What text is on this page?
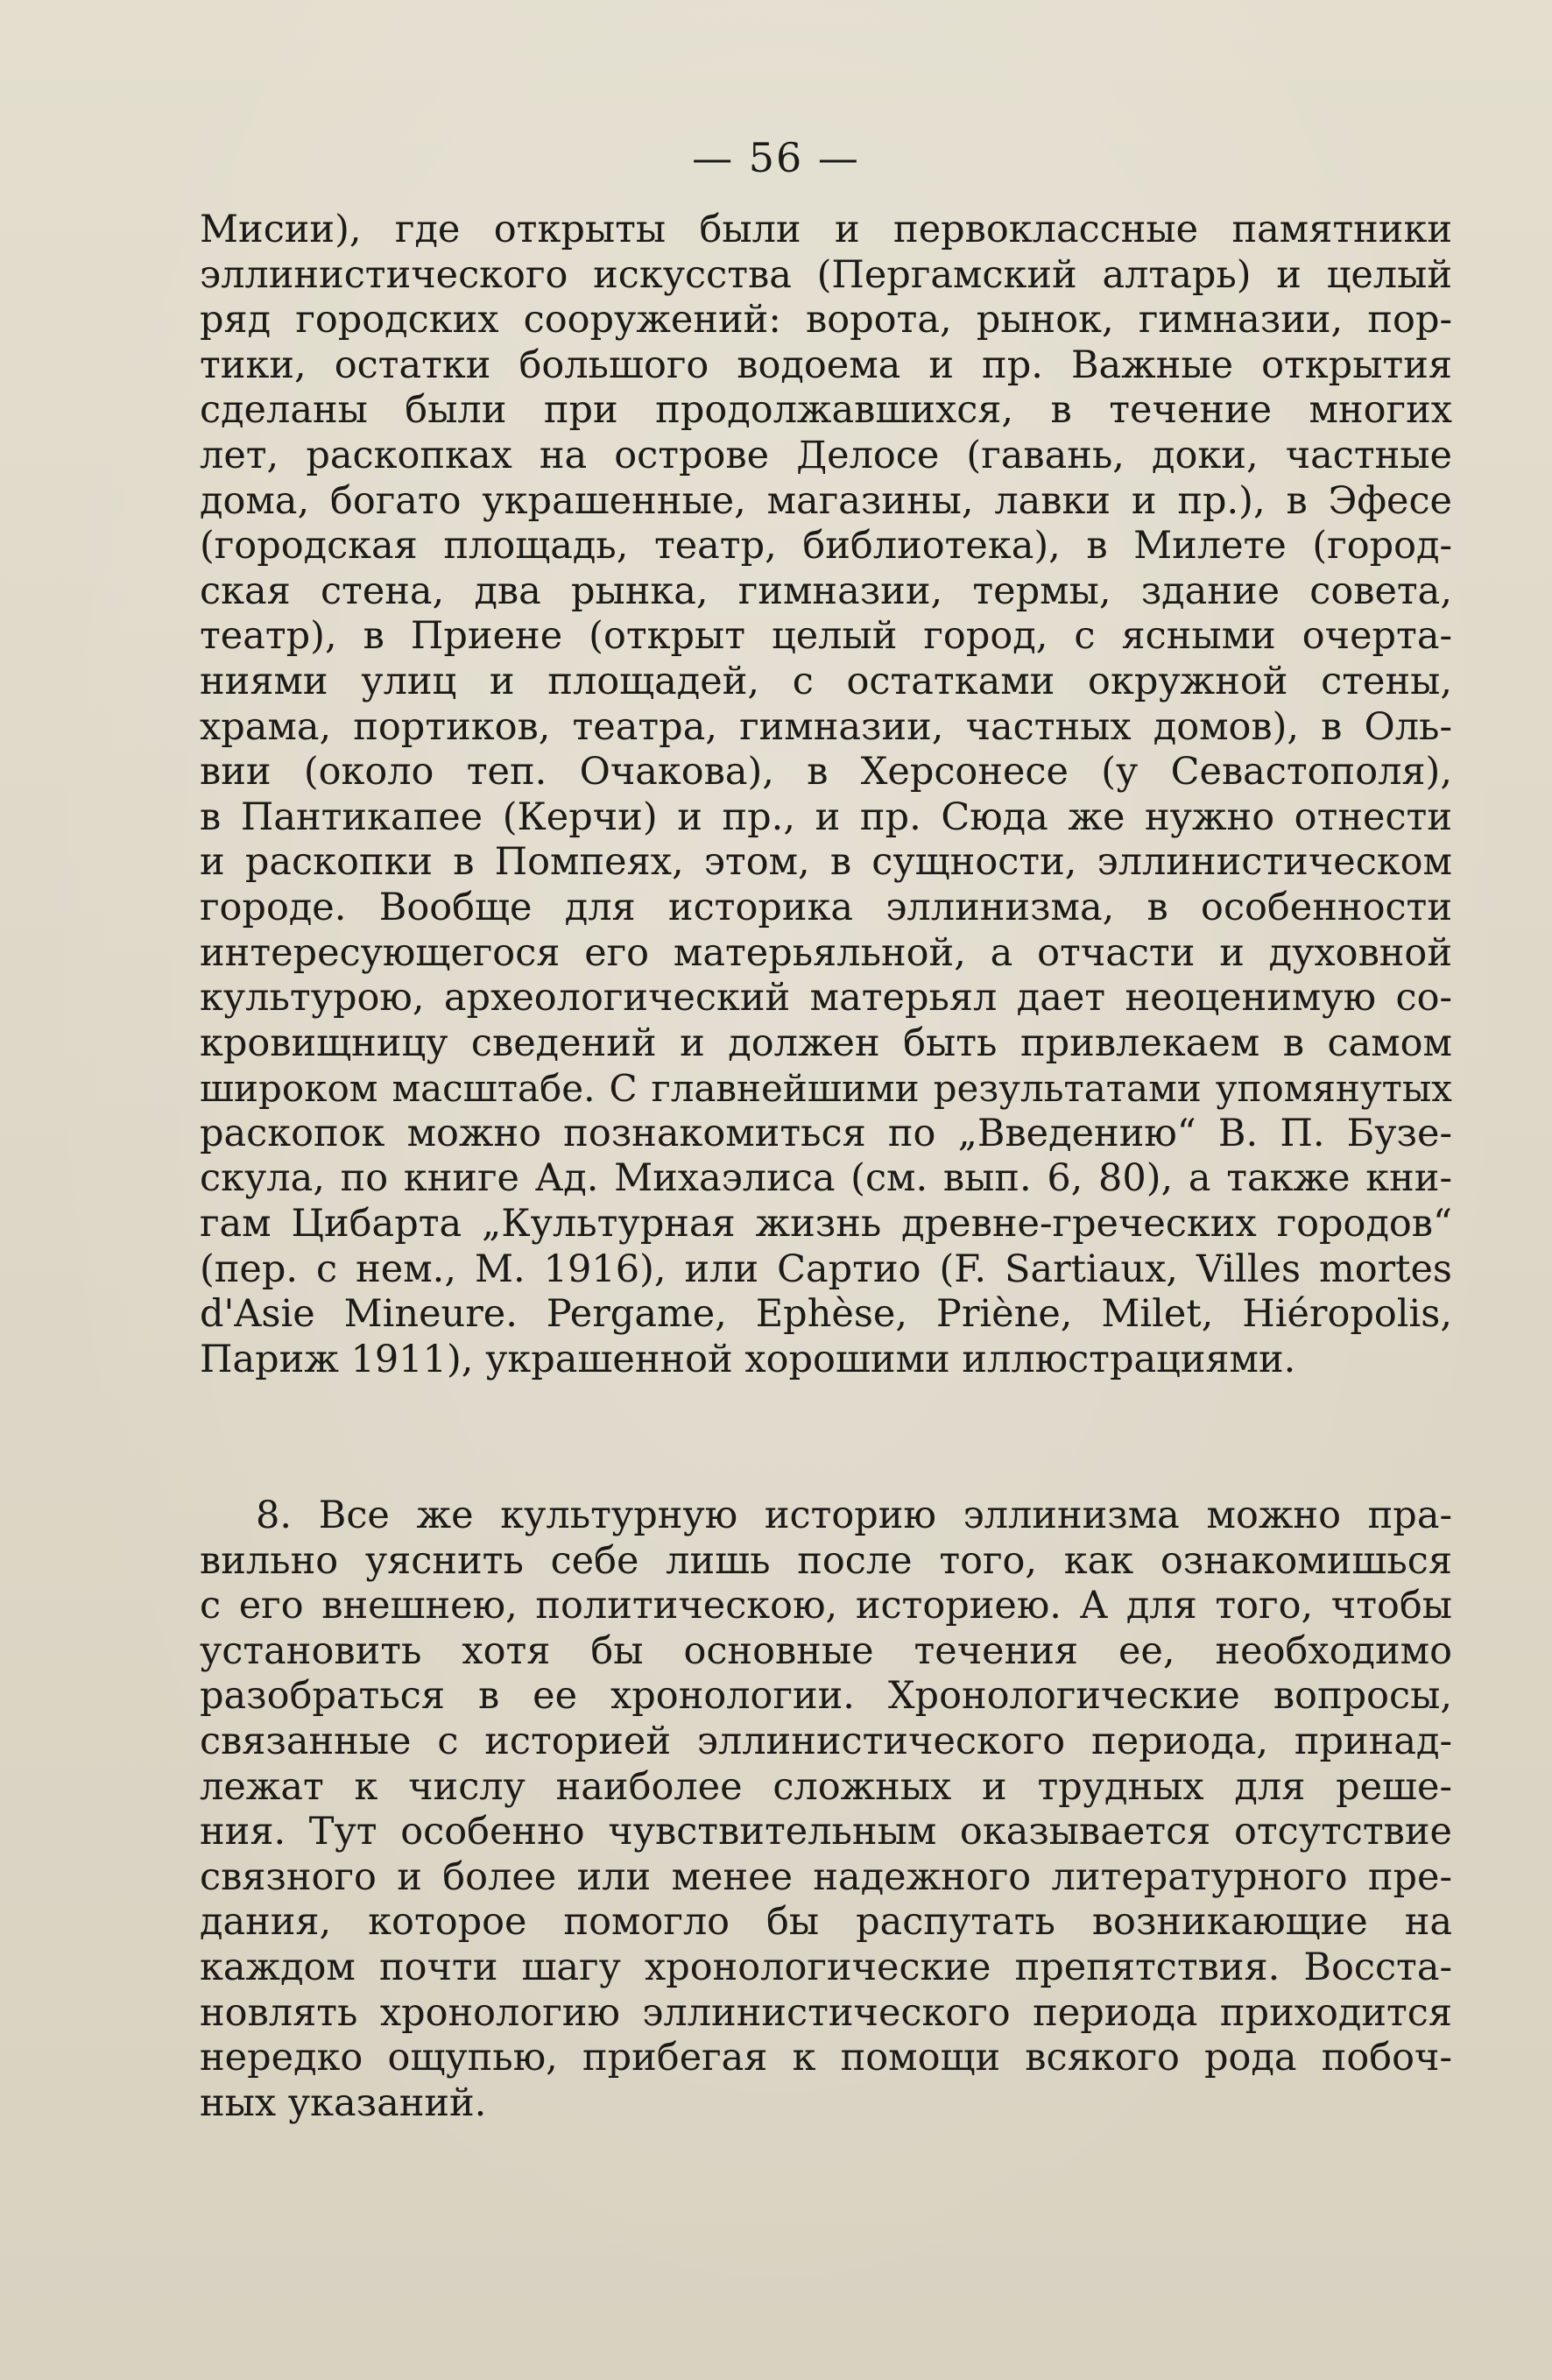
— 56 —
Мисии), где открыты были и первоклассные памятники
эллинистического искусства (Пергамский алтарь) и целый
ряд городских сооружений: ворота, рынок, гимназии, пор-
тики, остатки большого водоема и пр. Важные открытия
сделаны были при продолжавшихся, в течение многих
лет, раскопках на острове Делосе (гавань, доки, частные
дома, богато украшенные, магазины, лавки и пр.), в Эфесе
(городская площадь, театр, библиотека), в Милете (город-
ская стена, два рынка, гимназии, термы, здание совета,
театр), в Приене (открыт целый город, с ясными очерта-
ниями улиц и площадей, с остатками окружной стены,
храма, портиков, театра, гимназии, частных домов), в Оль-
вии (около теп. Очакова), в Херсонесе (у Севастополя),
в Пантикапее (Керчи) и пр., и пр. Сюда же нужно отнести
и раскопки в Помпеях, этом, в сущности, эллинистическом
городе. Вообще для историка эллинизма, в особенности
интересующегося его матерьяльной, а отчасти и духовной
культурою, археологический матерьял дает неоценимую со-
кровищницу сведений и должен быть привлекаем в самом
широком масштабе. С главнейшими результатами упомянутых
раскопок можно познакомиться по „Введению“ В. П. Бузе-
скула, по книге Ад. Михаэлиса (см. вып. 6, 80), а также кни-
гам Цибарта „Культурная жизнь древне-греческих городов“
(пер. с нем., М. 1916), или Сартио (F. Sartiaux, Villes mortes
d'Asie Mineure. Pergame, Ephèse, Priène, Milet, Hiéropolis,
Париж 1911), украшенной хорошими иллюстрациями.
8. Все же культурную историю эллинизма можно пра-
вильно уяснить себе лишь после того, как ознакомишься
с его внешнею, политическою, историею. А для того, чтобы
установить хотя бы основные течения ее, необходимо
разобраться в ее хронологии. Хронологические вопросы,
связанные с историей эллинистического периода, принад-
лежат к числу наиболее сложных и трудных для реше-
ния. Тут особенно чувствительным оказывается отсутствие
связного и более или менее надежного литературного пре-
дания, которое помогло бы распутать возникающие на
каждом почти шагу хронологические препятствия. Восста-
новлять хронологию эллинистического периода приходится
нередко ощупью, прибегая к помощи всякого рода побоч-
ных указаний.
